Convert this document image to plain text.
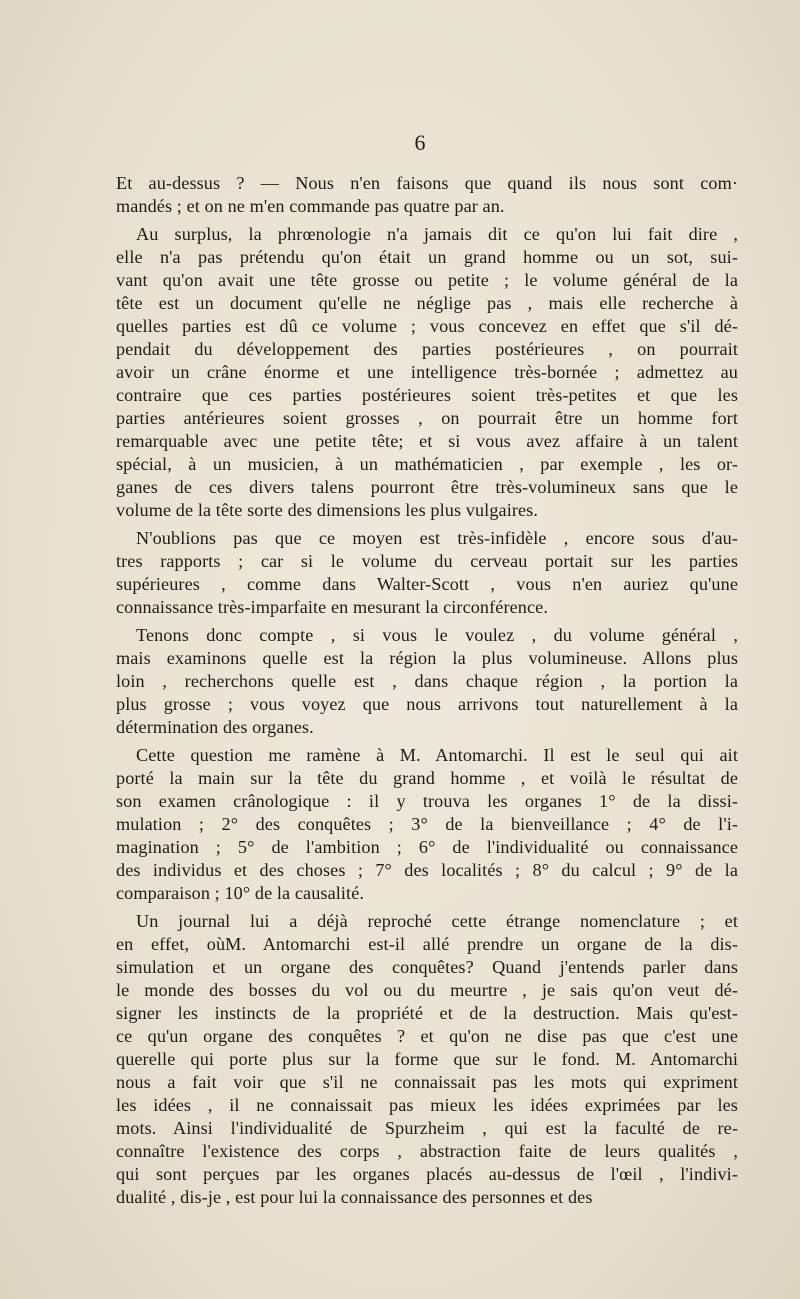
6
Et au-dessus ? — Nous n'en faisons que quand ils nous sont com·
mandés ; et on ne m'en commande pas quatre par an.
Au surplus, la phrœnologie n'a jamais dit ce qu'on lui fait dire ,
elle n'a pas prétendu qu'on était un grand homme ou un sot, sui-
vant qu'on avait une tête grosse ou petite ; le volume général de la
tête est un document qu'elle ne néglige pas , mais elle recherche à
quelles parties est dû ce volume ; vous concevez en effet que s'il dé-
pendait du développement des parties postérieures , on pourrait
avoir un crâne énorme et une intelligence très-bornée ; admettez au
contraire que ces parties postérieures soient très-petites et que les
parties antérieures soient grosses , on pourrait être un homme fort
remarquable avec une petite tête; et si vous avez affaire à un talent
spécial, à un musicien, à un mathématicien , par exemple , les or-
ganes de ces divers talens pourront être très-volumineux sans que le
volume de la tête sorte des dimensions les plus vulgaires.
N'oublions pas que ce moyen est très-infidèle , encore sous d'au-
tres rapports ; car si le volume du cerveau portait sur les parties
supérieures , comme dans Walter-Scott , vous n'en auriez qu'une
connaissance très-imparfaite en mesurant la circonférence.
Tenons donc compte , si vous le voulez , du volume général ,
mais examinons quelle est la région la plus volumineuse. Allons plus
loin , recherchons quelle est , dans chaque région , la portion la
plus grosse ; vous voyez que nous arrivons tout naturellement à la
détermination des organes.
Cette question me ramène à M. Antomarchi. Il est le seul qui ait
porté la main sur la tête du grand homme , et voilà le résultat de
son examen crânologique : il y trouva les organes 1° de la dissi-
mulation ; 2° des conquêtes ; 3° de la bienveillance ; 4° de l'i-
magination ; 5° de l'ambition ; 6° de l'individualité ou connaissance
des individus et des choses ; 7° des localités ; 8° du calcul ; 9° de la
comparaison ; 10° de la causalité.
Un journal lui a déjà reproché cette étrange nomenclature ; et
en effet, oùM. Antomarchi est-il allé prendre un organe de la dis-
simulation et un organe des conquêtes? Quand j'entends parler dans
le monde des bosses du vol ou du meurtre , je sais qu'on veut dé-
signer les instincts de la propriété et de la destruction. Mais qu'est-
ce qu'un organe des conquêtes ? et qu'on ne dise pas que c'est une
querelle qui porte plus sur la forme que sur le fond. M. Antomarchi
nous a fait voir que s'il ne connaissait pas les mots qui expriment
les idées , il ne connaissait pas mieux les idées exprimées par les
mots. Ainsi l'individualité de Spurzheim , qui est la faculté de re-
connaître l'existence des corps , abstraction faite de leurs qualités ,
qui sont perçues par les organes placés au-dessus de l'œil , l'indivi-
dualité , dis-je , est pour lui la connaissance des personnes et des
